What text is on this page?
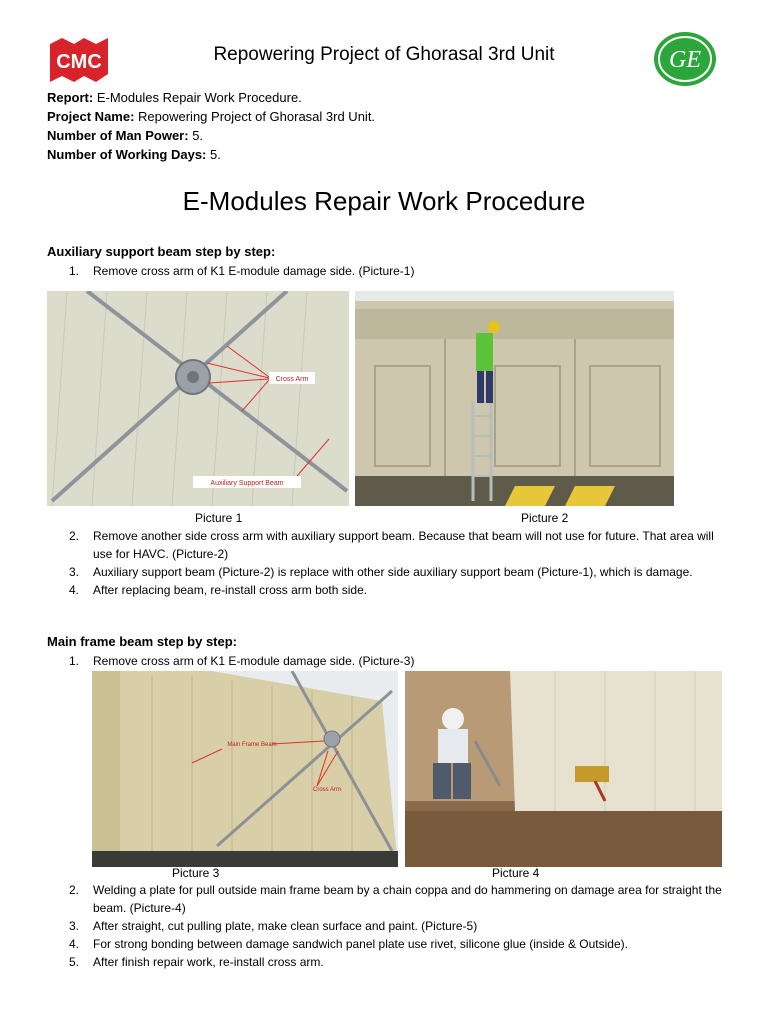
CMC	Repowering Project of Ghorasal 3rd Unit	GE
Report: E-Modules Repair Work Procedure.
Project Name: Repowering Project of Ghorasal 3rd Unit.
Number of Man Power: 5.
Number of Working Days: 5.
E-Modules Repair Work Procedure
Auxiliary support beam step by step:
1. Remove cross arm of K1 E-module damage side. (Picture-1)
Cross Arm
Auxiliary Support Beam
Picture 1	Picture 2
2. Remove another side cross arm with auxiliary support beam. Because that beam will not use for future. That area will use for HAVC. (Picture-2)
3. Auxiliary support beam (Picture-2) is replace with other side auxiliary support beam (Picture-1), which is damage.
4. After replacing beam, re-install cross arm both side.
Main frame beam step by step:
1. Remove cross arm of K1 E-module damage side. (Picture-3)
Main Frame Beam
Cross Arm
Picture 3	Picture 4
2. Welding a plate for pull outside main frame beam by a chain coppa and do hammering on damage area for straight the beam. (Picture-4)
3. After straight, cut pulling plate, make clean surface and paint. (Picture-5)
4. For strong bonding between damage sandwich panel plate use rivet, silicone glue (inside & Outside).
5. After finish repair work, re-install cross arm.
